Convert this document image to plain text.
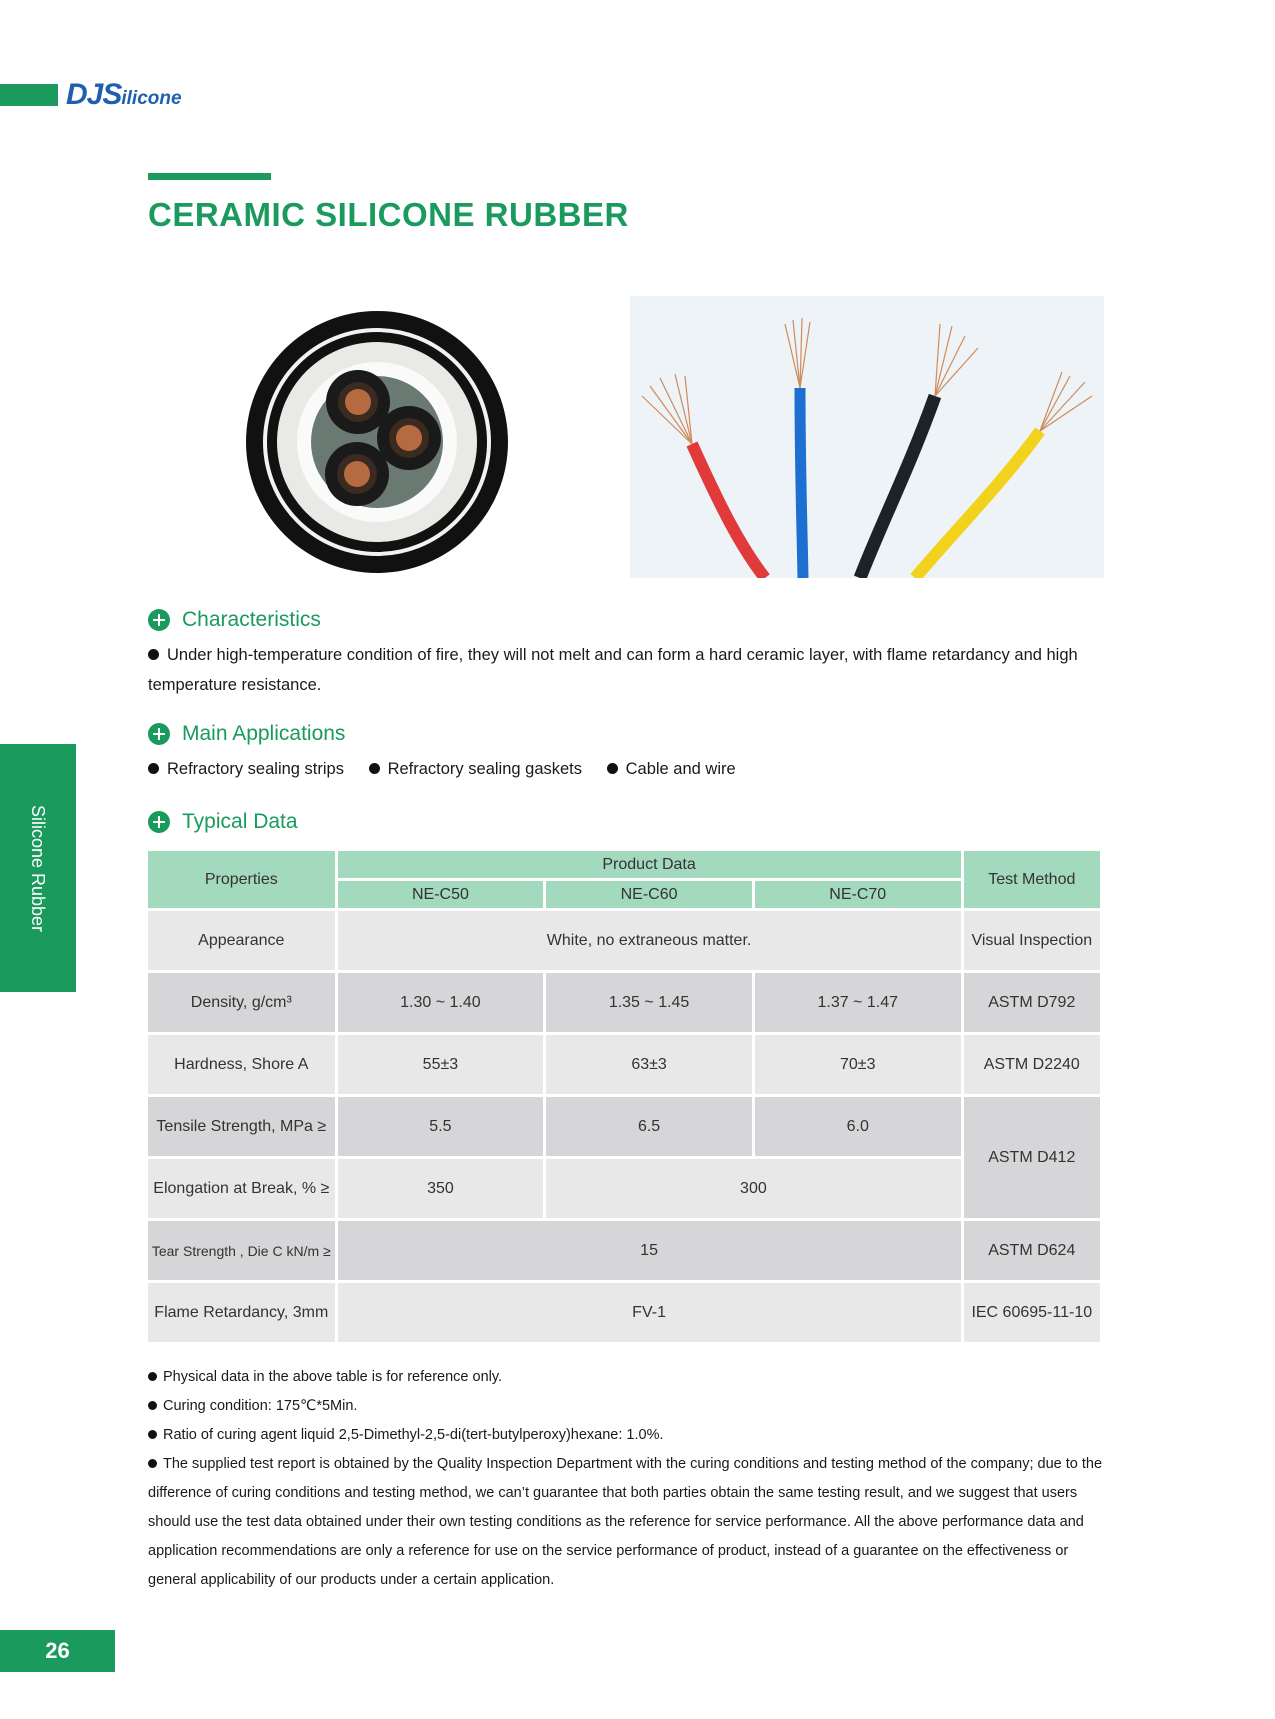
DJSilicone
CERAMIC SILICONE RUBBER
Silicone Rubber
Characteristics
Under high-temperature condition of fire, they will not melt and can form a hard ceramic layer, with flame retardancy and high temperature resistance.
Main Applications
Refractory sealing strips	Refractory sealing gaskets	Cable and wire
Typical Data
Properties	Product Data			Test Method
	NE-C50	NE-C60	NE-C70	
Appearance	White, no extraneous matter.			Visual Inspection
Density, g/cm³	1.30 ~ 1.40	1.35 ~ 1.45	1.37 ~ 1.47	ASTM D792
Hardness, Shore A	55±3	63±3	70±3	ASTM D2240
Tensile Strength, MPa ≥	5.5	6.5	6.0	ASTM D412
Elongation at Break, % ≥	350	300		
Tear Strength , Die C kN/m ≥	15			ASTM D624
Flame Retardancy, 3mm	FV-1			IEC 60695-11-10
Physical data in the above table is for reference only.
Curing condition: 175℃*5Min.
Ratio of curing agent liquid 2,5-Dimethyl-2,5-di(tert-butylperoxy)hexane: 1.0%.
The supplied test report is obtained by the Quality Inspection Department with the curing conditions and testing method of the company; due to the difference of curing conditions and testing method, we can’t guarantee that both parties obtain the same testing result, and we suggest that users should use the test data obtained under their own testing conditions as the reference for service performance. All the above performance data and application recommendations are only a reference for use on the service performance of product, instead of a guarantee on the effectiveness or general applicability of our products under a certain application.
26
